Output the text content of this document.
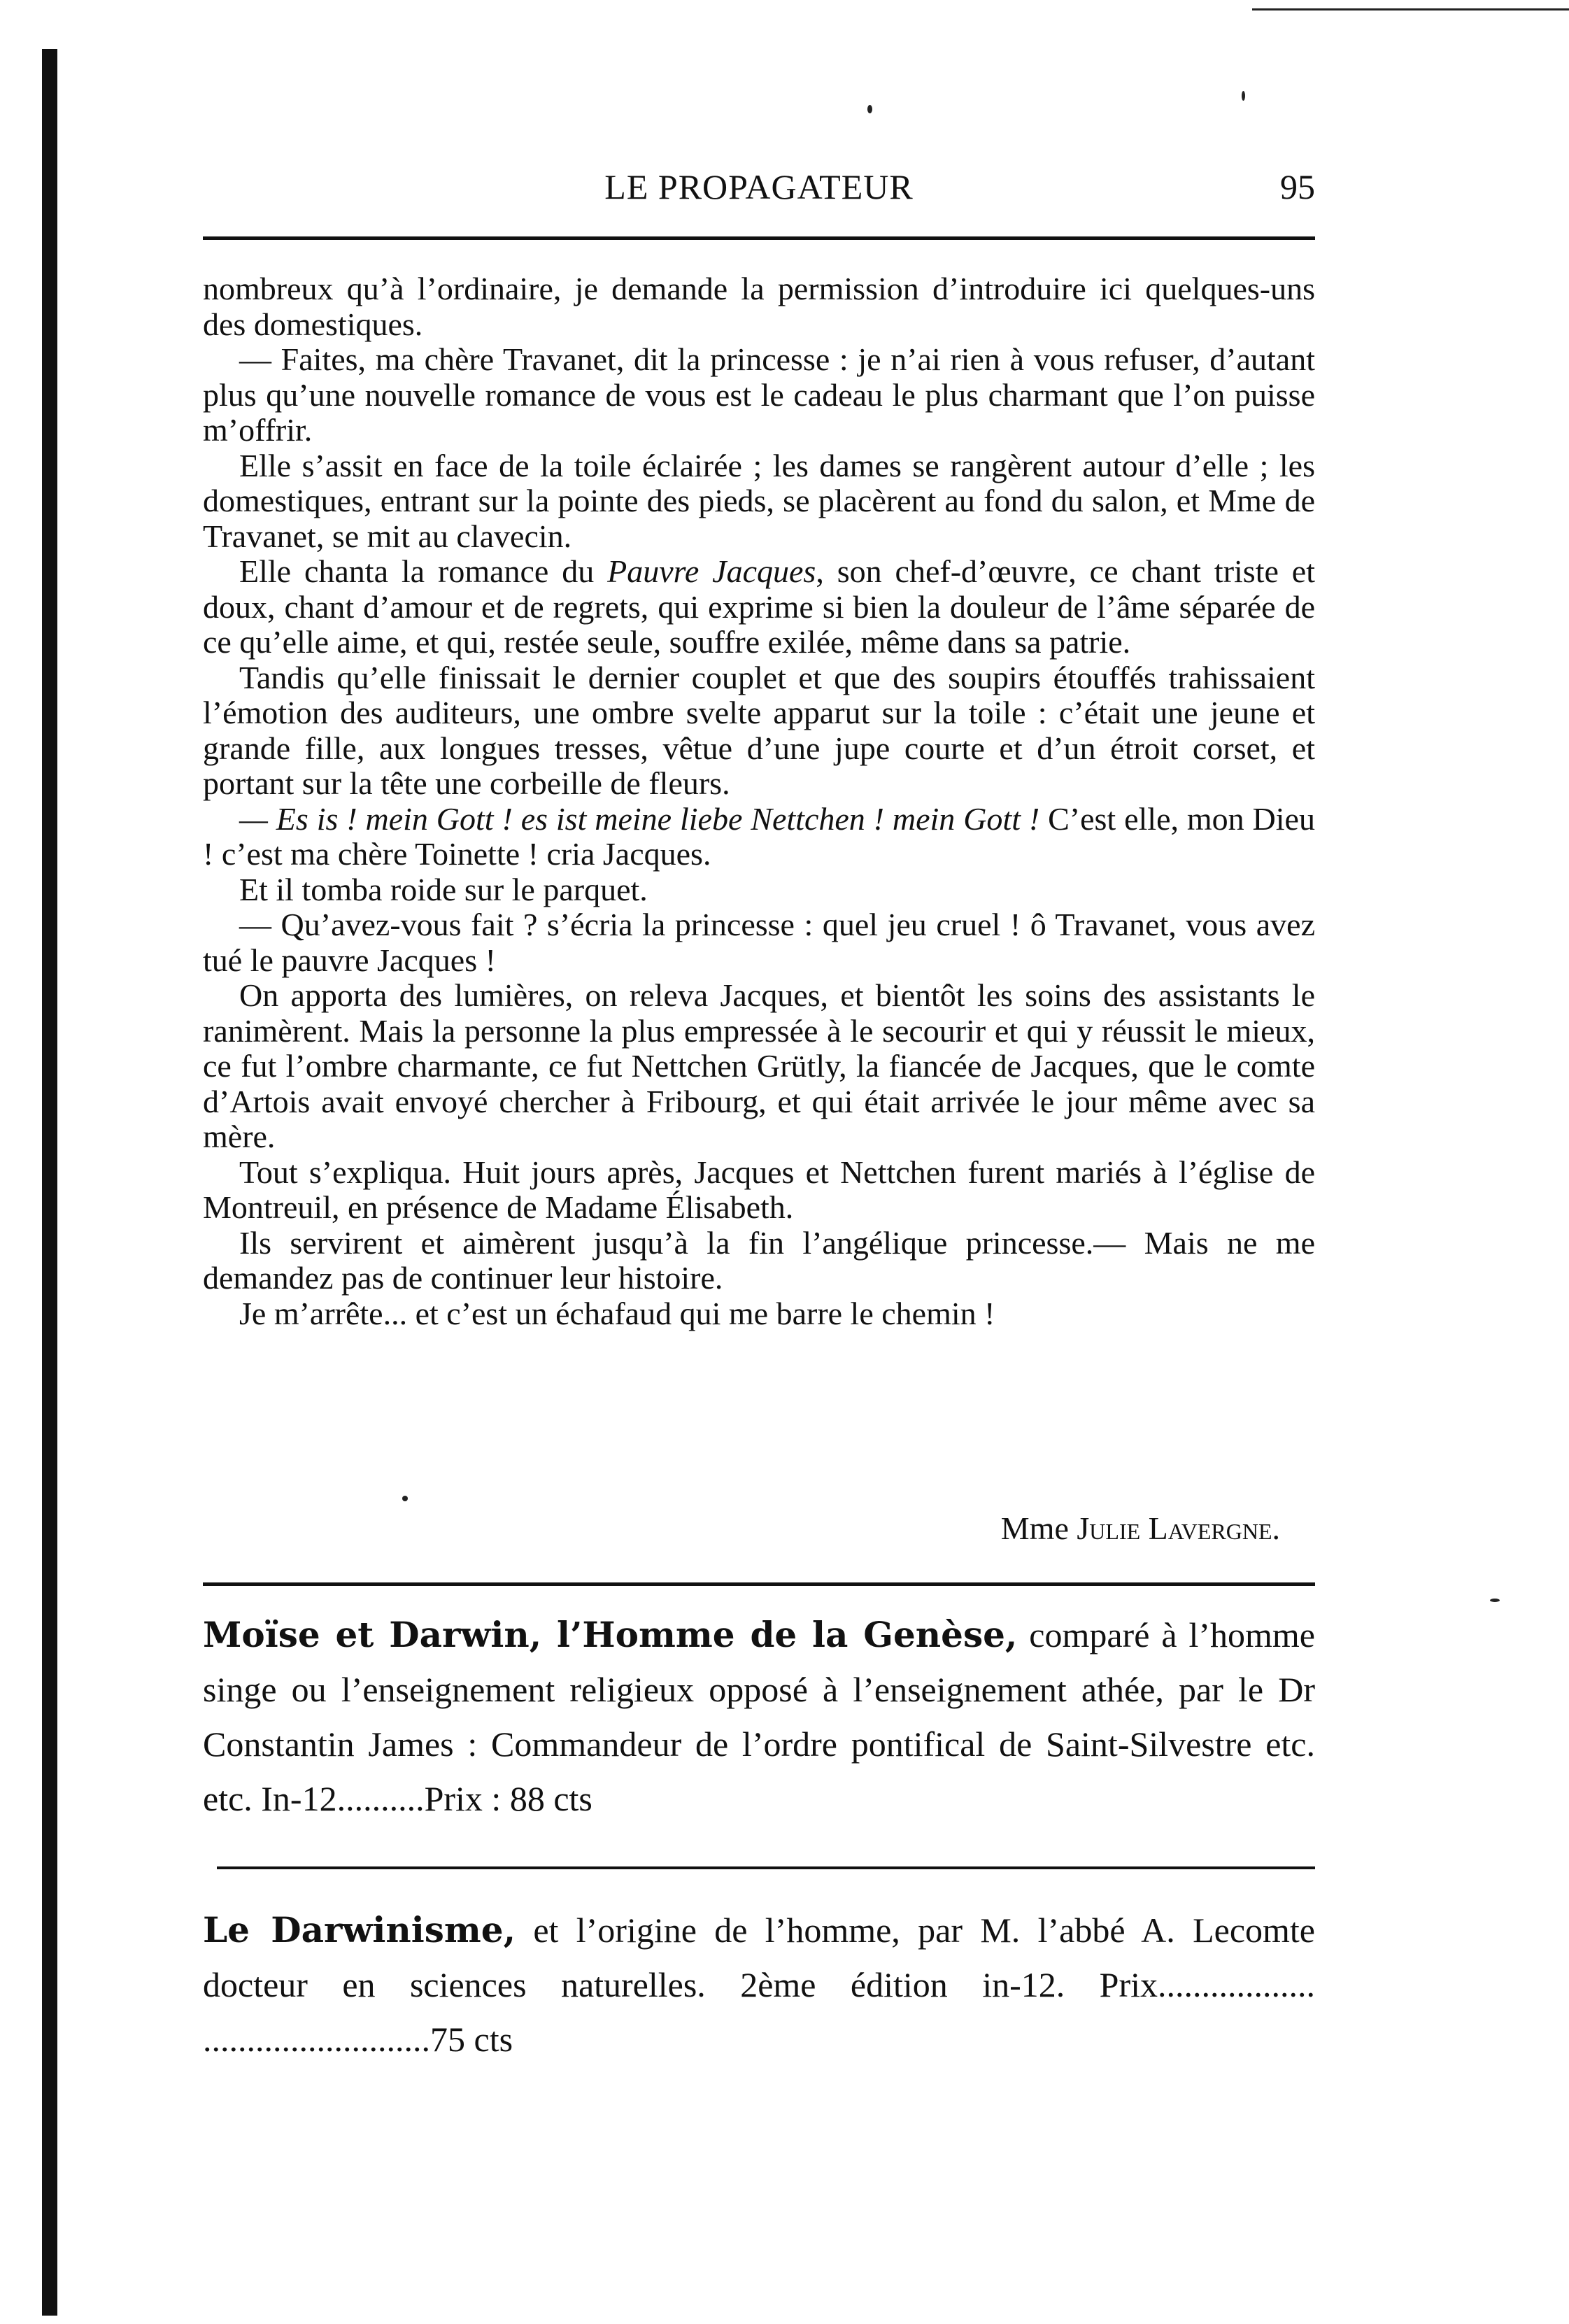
LE PROPAGATEUR	95

nombreux qu’à l’ordinaire, je demande la permission d’introduire ici quelques-uns des domestiques.

— Faites, ma chère Travanet, dit la princesse : je n’ai rien à vous refuser, d’autant plus qu’une nouvelle romance de vous est le cadeau le plus charmant que l’on puisse m’offrir.

Elle s’assit en face de la toile éclairée ; les dames se rangèrent autour d’elle ; les domestiques, entrant sur la pointe des pieds, se placèrent au fond du salon, et Mme de Travanet, se mit au clavecin.

Elle chanta la romance du Pauvre Jacques, son chef-d’œuvre, ce chant triste et doux, chant d’amour et de regrets, qui exprime si bien la douleur de l’âme séparée de ce qu’elle aime, et qui, restée seule, souffre exilée, même dans sa patrie.

Tandis qu’elle finissait le dernier couplet et que des soupirs étouffés trahissaient l’émotion des auditeurs, une ombre svelte apparut sur la toile : c’était une jeune et grande fille, aux longues tresses, vêtue d’une jupe courte et d’un étroit corset, et portant sur la tête une corbeille de fleurs.

— Es is ! mein Gott ! es ist meine liebe Nettchen ! mein Gott ! C’est elle, mon Dieu ! c’est ma chère Toinette ! cria Jacques.

Et il tomba roide sur le parquet.

— Qu’avez-vous fait ? s’écria la princesse : quel jeu cruel ! ô Travanet, vous avez tué le pauvre Jacques !

On apporta des lumières, on releva Jacques, et bientôt les soins des assistants le ranimèrent. Mais la personne la plus empressée à le secourir et qui y réussit le mieux, ce fut l’ombre charmante, ce fut Nettchen Grütly, la fiancée de Jacques, que le comte d’Artois avait envoyé chercher à Fribourg, et qui était arrivée le jour même avec sa mère.

Tout s’expliqua. Huit jours après, Jacques et Nettchen furent mariés à l’église de Montreuil, en présence de Madame Élisabeth.

Ils servirent et aimèrent jusqu’à la fin l’angélique princesse.— Mais ne me demandez pas de continuer leur histoire.

Je m’arrête... et c’est un échafaud qui me barre le chemin !

Mme Julie Lavergne.
Moïse et Darwin, l’Homme de la Genèse, comparé à l’homme singe ou l’enseignement religieux opposé à l’enseignement athée, par le Dr Constantin James : Commandeur de l’ordre pontifical de Saint-Silvestre etc. etc. In-12..........Prix : 88 cts
Le Darwinisme, et l’origine de l’homme, par M. l’abbé A. Lecomte docteur en sciences naturelles. 2ème édition in-12. Prix.................. ..........................75 cts
